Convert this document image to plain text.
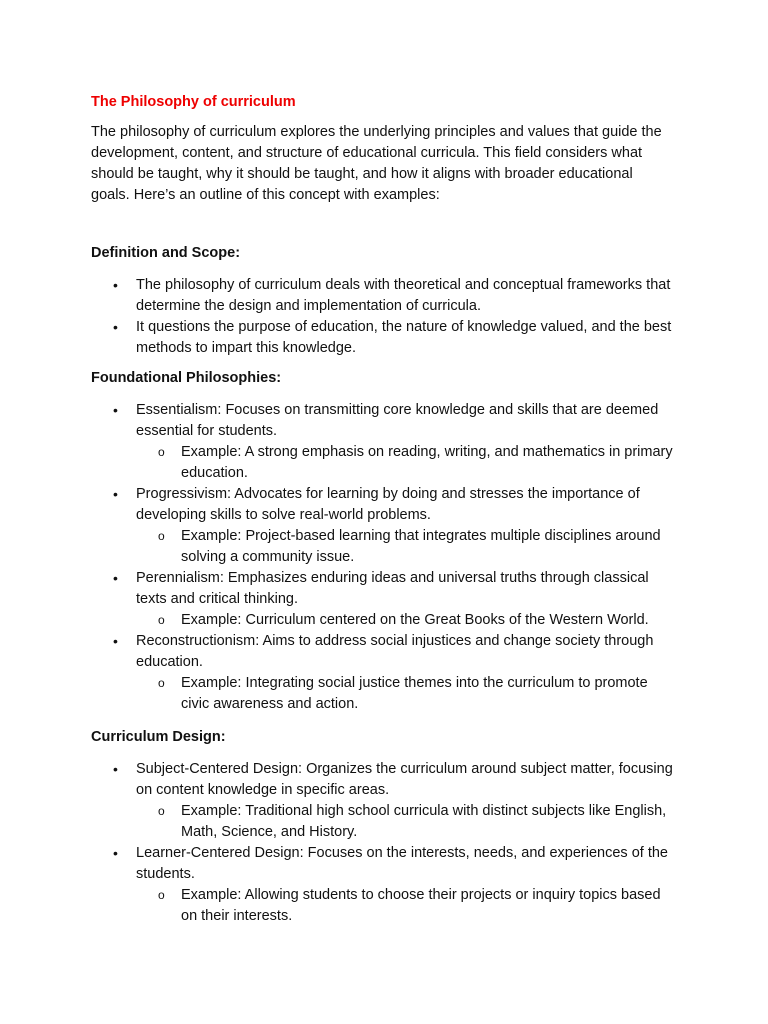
The Philosophy of curriculum

The philosophy of curriculum explores the underlying principles and values that guide the development, content, and structure of educational curricula. This field considers what should be taught, why it should be taught, and how it aligns with broader educational goals. Here’s an outline of this concept with examples:

Definition and Scope:
• The philosophy of curriculum deals with theoretical and conceptual frameworks that determine the design and implementation of curricula.
• It questions the purpose of education, the nature of knowledge valued, and the best methods to impart this knowledge.
Foundational Philosophies:
• Essentialism: Focuses on transmitting core knowledge and skills that are deemed essential for students.
o Example: A strong emphasis on reading, writing, and mathematics in primary education.
• Progressivism: Advocates for learning by doing and stresses the importance of developing skills to solve real-world problems.
o Example: Project-based learning that integrates multiple disciplines around solving a community issue.
• Perennialism: Emphasizes enduring ideas and universal truths through classical texts and critical thinking.
o Example: Curriculum centered on the Great Books of the Western World.
• Reconstructionism: Aims to address social injustices and change society through education.
o Example: Integrating social justice themes into the curriculum to promote civic awareness and action.
Curriculum Design:
• Subject-Centered Design: Organizes the curriculum around subject matter, focusing on content knowledge in specific areas.
o Example: Traditional high school curricula with distinct subjects like English, Math, Science, and History.
• Learner-Centered Design: Focuses on the interests, needs, and experiences of the students.
o Example: Allowing students to choose their projects or inquiry topics based on their interests.
